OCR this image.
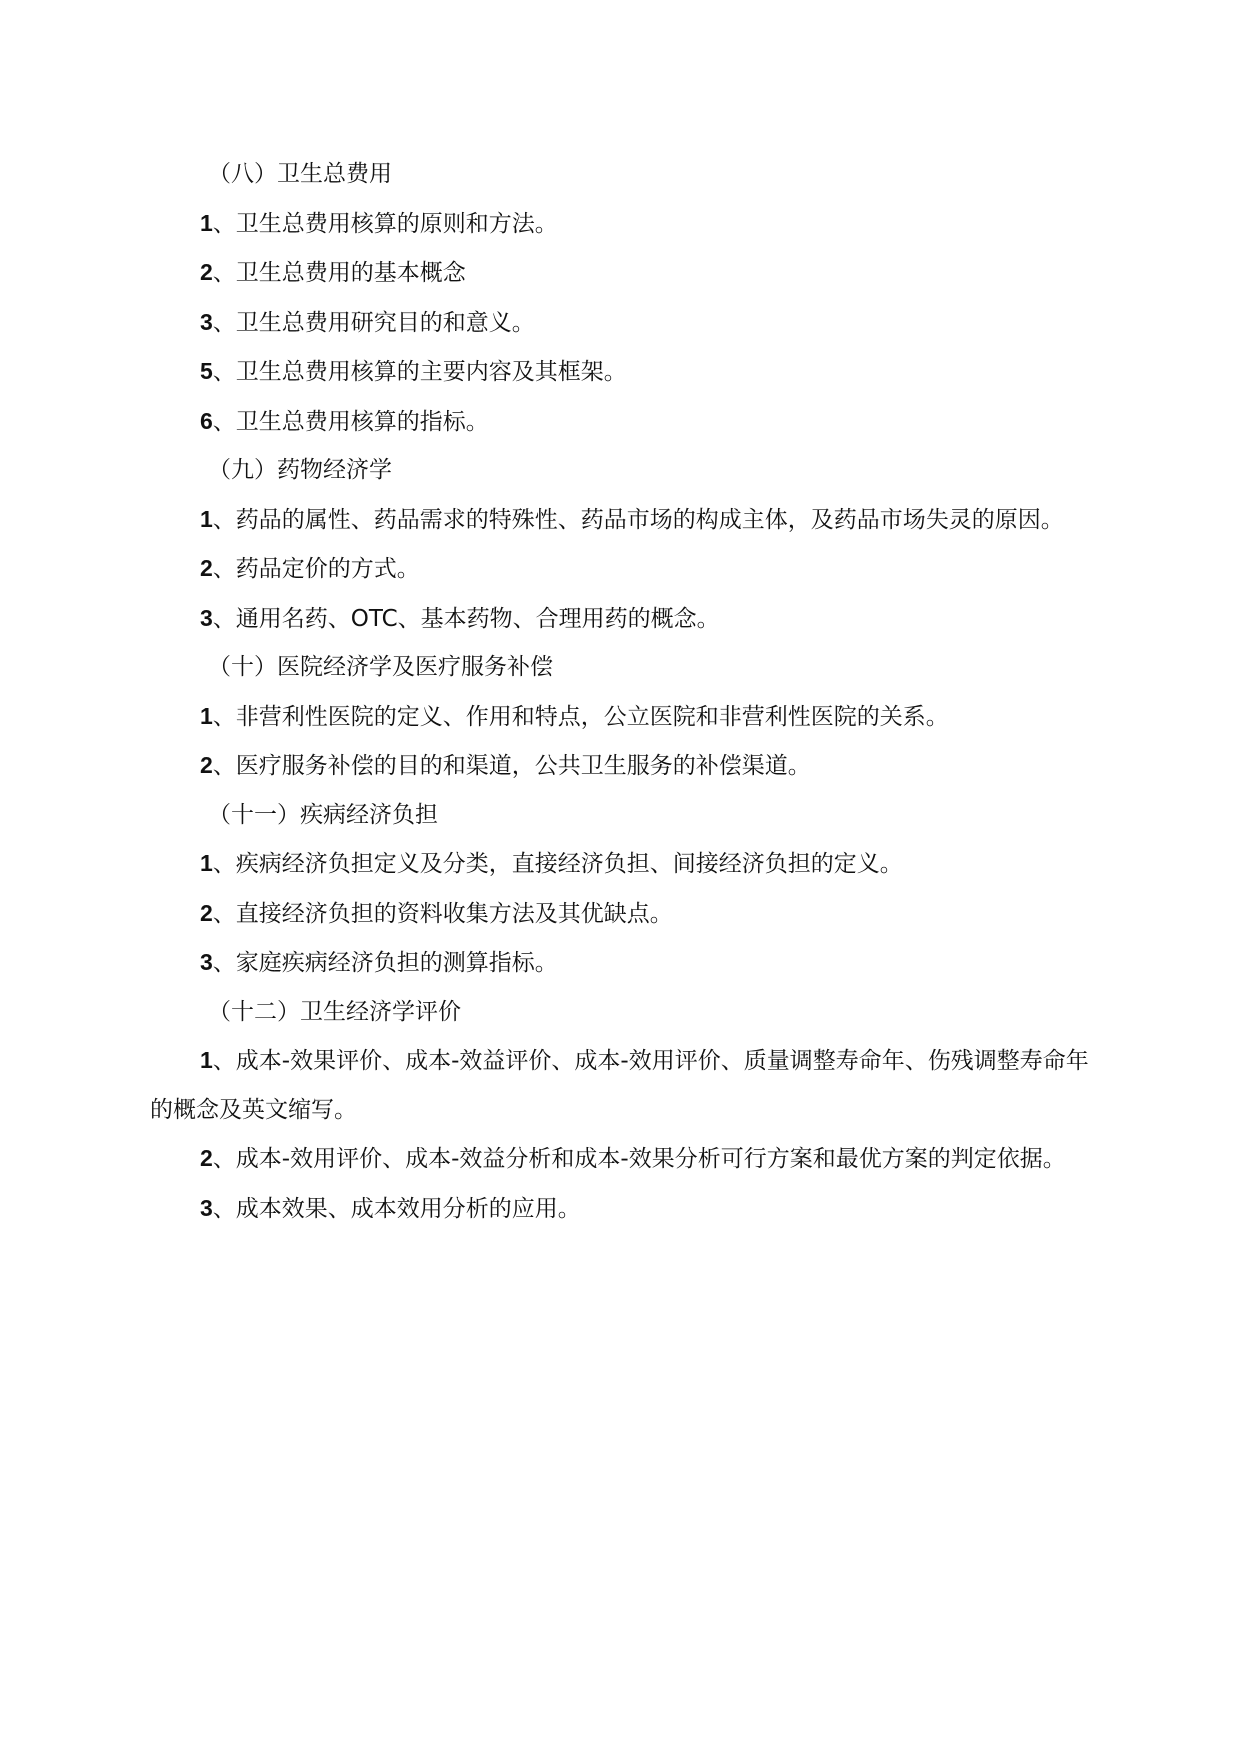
（八）卫生总费用

1、卫生总费用核算的原则和方法。

2、卫生总费用的基本概念

3、卫生总费用研究目的和意义。

5、卫生总费用核算的主要内容及其框架。

6、卫生总费用核算的指标。

（九）药物经济学

1、药品的属性、药品需求的特殊性、药品市场的构成主体，及药品市场失灵的原因。

2、药品定价的方式。

3、通用名药、OTC、基本药物、合理用药的概念。

（十）医院经济学及医疗服务补偿

1、非营利性医院的定义、作用和特点，公立医院和非营利性医院的关系。

2、医疗服务补偿的目的和渠道，公共卫生服务的补偿渠道。

（十一）疾病经济负担

1、疾病经济负担定义及分类，直接经济负担、间接经济负担的定义。

2、直接经济负担的资料收集方法及其优缺点。

3、家庭疾病经济负担的测算指标。

（十二）卫生经济学评价

1、成本-效果评价、成本-效益评价、成本-效用评价、质量调整寿命年、伤残调整寿命年的概念及英文缩写。

2、成本-效用评价、成本-效益分析和成本-效果分析可行方案和最优方案的判定依据。

3、成本效果、成本效用分析的应用。
